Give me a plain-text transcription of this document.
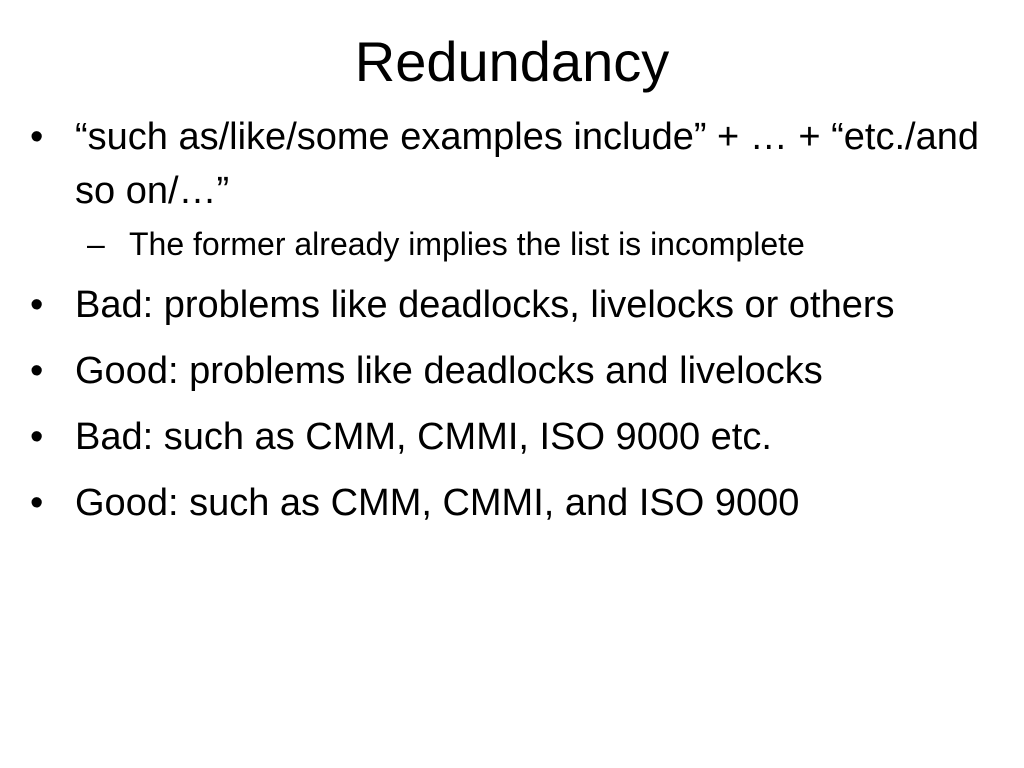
Redundancy
• “such as/like/some examples include” + … + “etc./and so on/…”
– The former already implies the list is incomplete
• Bad: problems like deadlocks, livelocks or others
• Good: problems like deadlocks and livelocks
• Bad: such as CMM, CMMI, ISO 9000 etc.
• Good: such as CMM, CMMI, and ISO 9000
